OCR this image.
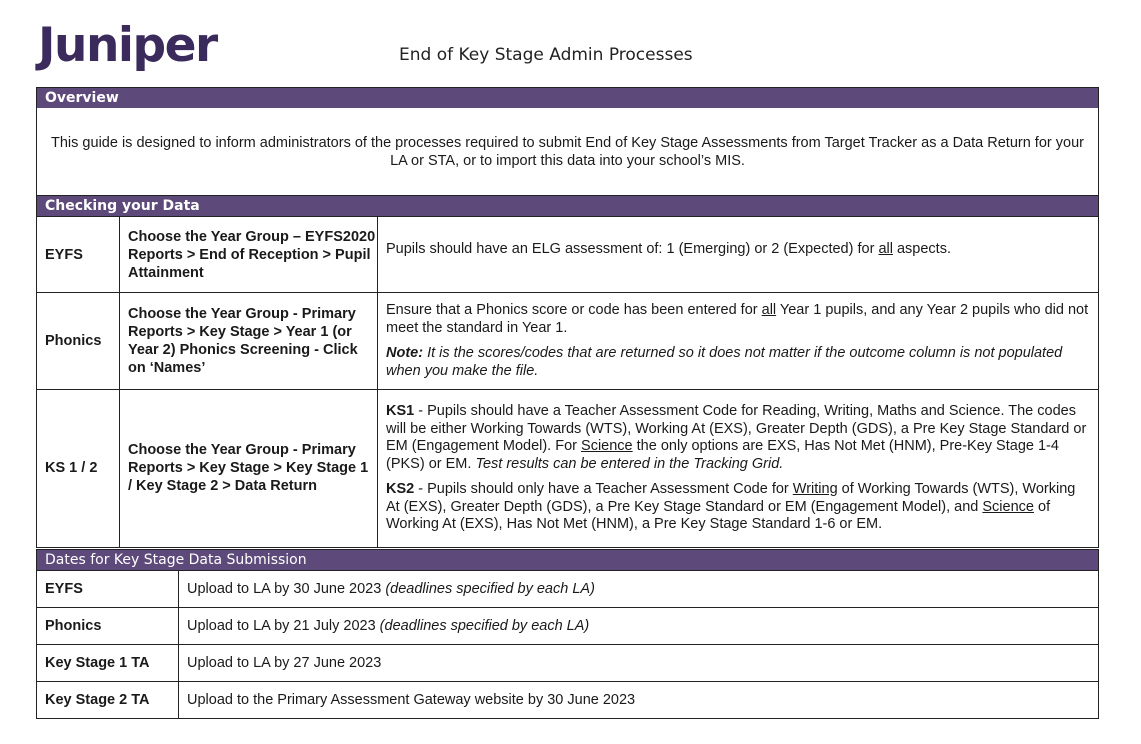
Juniper	End of Key Stage Admin Processes
Overview
This guide is designed to inform administrators of the processes required to submit End of Key Stage Assessments from Target Tracker as a Data Return for your LA or STA, or to import this data into your school’s MIS.
Checking your Data
EYFS	Choose the Year Group – EYFS2020 Reports > End of Reception > Pupil Attainment	Pupils should have an ELG assessment of: 1 (Emerging) or 2 (Expected) for all aspects.

Phonics	Choose the Year Group - Primary Reports > Key Stage > Year 1 (or Year 2) Phonics Screening - Click on ‘Names’	Ensure that a Phonics score or code has been entered for all Year 1 pupils, and any Year 2 pupils who did not meet the standard in Year 1.

Note: It is the scores/codes that are returned so it does not matter if the outcome column is not populated when you make the file.

KS 1 / 2	Choose the Year Group - Primary Reports > Key Stage > Key Stage 1 / Key Stage 2 > Data Return	KS1 - Pupils should have a Teacher Assessment Code for Reading, Writing, Maths and Science. The codes will be either Working Towards (WTS), Working At (EXS), Greater Depth (GDS), a Pre Key Stage Standard or EM (Engagement Model). For Science the only options are EXS, Has Not Met (HNM), Pre-Key Stage 1-4 (PKS) or EM. Test results can be entered in the Tracking Grid.

KS2 - Pupils should only have a Teacher Assessment Code for Writing of Working Towards (WTS), Working At (EXS), Greater Depth (GDS), a Pre Key Stage Standard or EM (Engagement Model), and Science of Working At (EXS), Has Not Met (HNM), a Pre Key Stage Standard 1-6 or EM.

Dates for Key Stage Data Submission
EYFS	Upload to LA by 30 June 2023 (deadlines specified by each LA)
Phonics	Upload to LA by 21 July 2023 (deadlines specified by each LA)
Key Stage 1 TA	Upload to LA by 27 June 2023
Key Stage 2 TA	Upload to the Primary Assessment Gateway website by 30 June 2023
